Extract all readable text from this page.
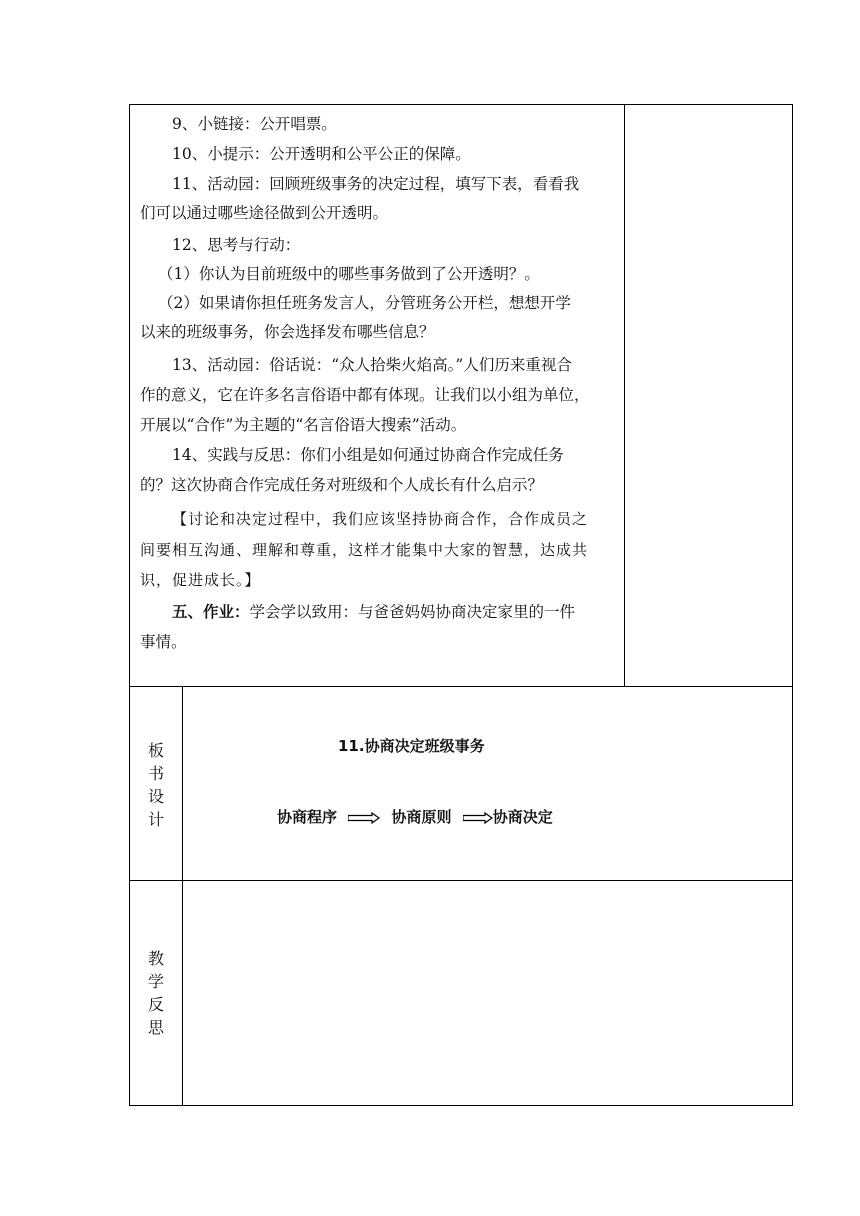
9、小链接：公开唱票。
10、小提示：公开透明和公平公正的保障。
11、活动园：回顾班级事务的决定过程，填写下表，看看我
们可以通过哪些途径做到公开透明。
12、思考与行动：
（1）你认为目前班级中的哪些事务做到了公开透明？。
（2）如果请你担任班务发言人，分管班务公开栏，想想开学
以来的班级事务，你会选择发布哪些信息？
13、活动园：俗话说：“众人拾柴火焰高。”人们历来重视合
作的意义，它在许多名言俗语中都有体现。让我们以小组为单位，
开展以“合作”为主题的“名言俗语大搜索”活动。
14、实践与反思：你们小组是如何通过协商合作完成任务
的？这次协商合作完成任务对班级和个人成长有什么启示？
【讨论和决定过程中，我们应该坚持协商合作，合作成员之
间要相互沟通、理解和尊重，这样才能集中大家的智慧，达成共
识，促进成长。】
五、作业：学会学以致用：与爸爸妈妈协商决定家里的一件
事情。
板
书
设
计
11.协商决定班级事务
协商程序	协商原则	协商决定
教
学
反
思
